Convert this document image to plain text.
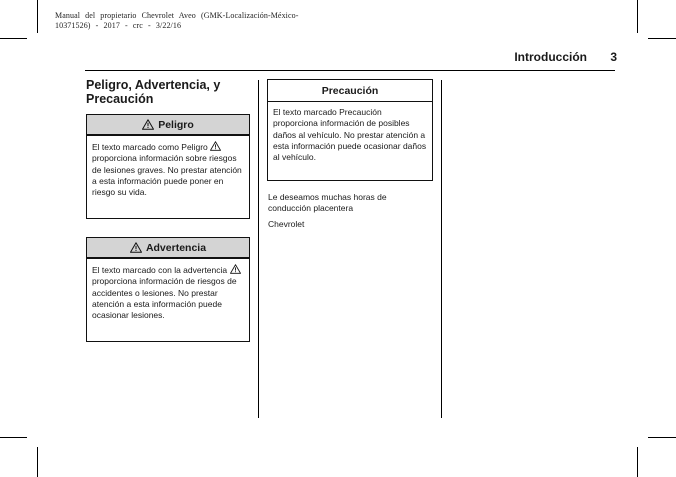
Manual del propietario Chevrolet Aveo (GMK-Localización-México-
10371526) - 2017 - crc - 3/22/16
Introducción	3
Peligro, Advertencia, y Precaución
Peligro
El texto marcado como Peligro  proporciona información sobre riesgos de lesiones graves. No prestar atención a esta información puede poner en riesgo su vida.
Advertencia
El texto marcado con la advertencia  proporciona información de riesgos de accidentes o lesiones. No prestar atención a esta información puede ocasionar lesiones.
Precaución
El texto marcado Precaución proporciona información de posibles daños al vehículo. No prestar atención a esta información puede ocasionar daños al vehículo.
Le deseamos muchas horas de conducción placentera
Chevrolet
